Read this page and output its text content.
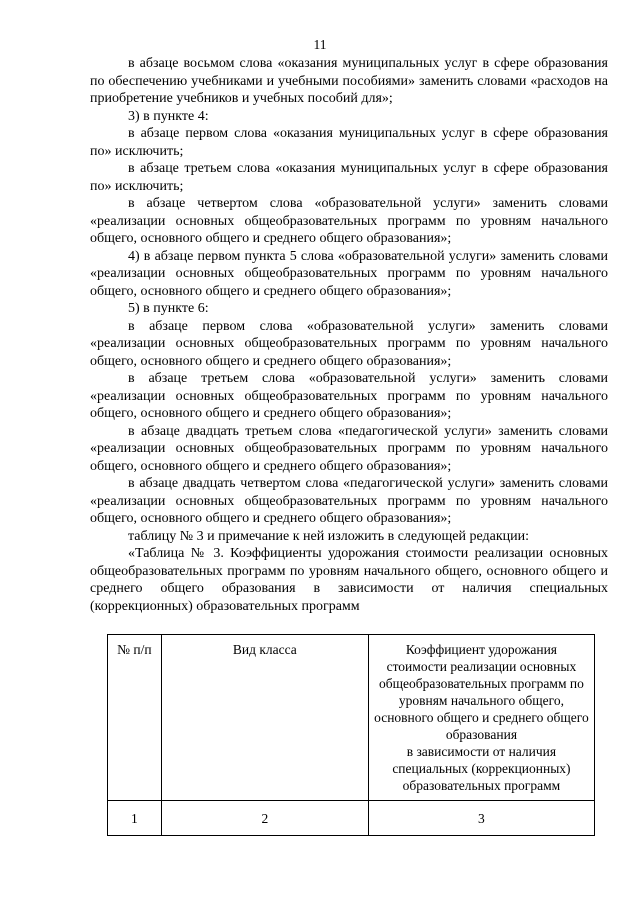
11

в абзаце восьмом слова «оказания муниципальных услуг в сфере образования по обеспечению учебниками и учебными пособиями» заменить словами «расходов на приобретение учебников и учебных пособий для»;

3) в пункте 4:

в абзаце первом слова «оказания муниципальных услуг в сфере образования по» исключить;

в абзаце третьем слова «оказания муниципальных услуг в сфере образования по» исключить;

в абзаце четвертом слова «образовательной услуги» заменить словами «реализации основных общеобразовательных программ по уровням начального общего, основного общего и среднего общего образования»;

4) в абзаце первом пункта 5 слова «образовательной услуги» заменить словами «реализации основных общеобразовательных программ по уровням начального общего, основного общего и среднего общего образования»;

5) в пункте 6:

в абзаце первом слова «образовательной услуги» заменить словами «реализации основных общеобразовательных программ по уровням начального общего, основного общего и среднего общего образования»;

в абзаце третьем слова «образовательной услуги» заменить словами «реализации основных общеобразовательных программ по уровням начального общего, основного общего и среднего общего образования»;

в абзаце двадцать третьем слова «педагогической услуги» заменить словами «реализации основных общеобразовательных программ по уровням начального общего, основного общего и среднего общего образования»;

в абзаце двадцать четвертом слова «педагогической услуги» заменить словами «реализации основных общеобразовательных программ по уровням начального общего, основного общего и среднего общего образования»;

таблицу № 3 и примечание к ней изложить в следующей редакции:

«Таблица № 3. Коэффициенты удорожания стоимости реализации основных общеобразовательных программ по уровням начального общего, основного общего и среднего общего образования в зависимости от наличия специальных (коррекционных) образовательных программ

№ п/п	Вид класса	Коэффициент удорожания
стоимости реализации основных общеобразовательных программ по уровням начального общего, основного общего и среднего общего образования
в зависимости от наличия специальных (коррекционных) образовательных программ
1	2	3
